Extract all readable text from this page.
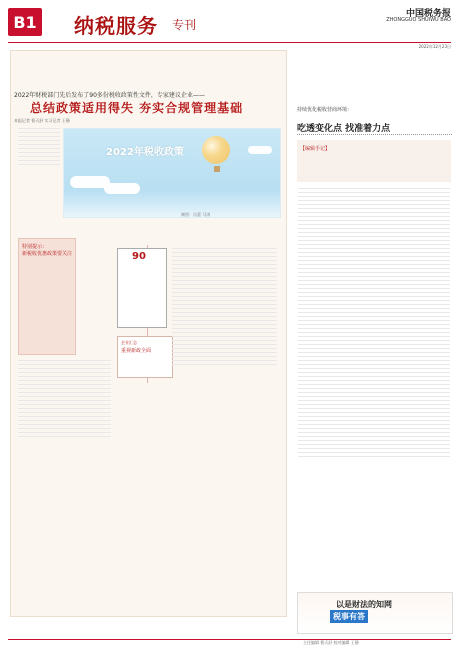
B1 纳税服务 专刊
中国税务报
ZHONGGUO SHUIWU BAO
2022年12月23日
2022年财税部门先后发布了90多份税收政策性文件，专家建议企业——
总结政策适用得失 夯实合规管理基础
本报记者 曹天舒 实习记者 王静
2022年税收政策
制图：冯蕾 马涛
特别提示：
新税收优惠政策要关注	90
企业汇总
重视新政全面
持续优化税收营商环境：
吃透变化点 找准着力点
【编辑手记】
以是财法的知网
税事有答
主任编辑 曹天舒 校对编辑 王静
